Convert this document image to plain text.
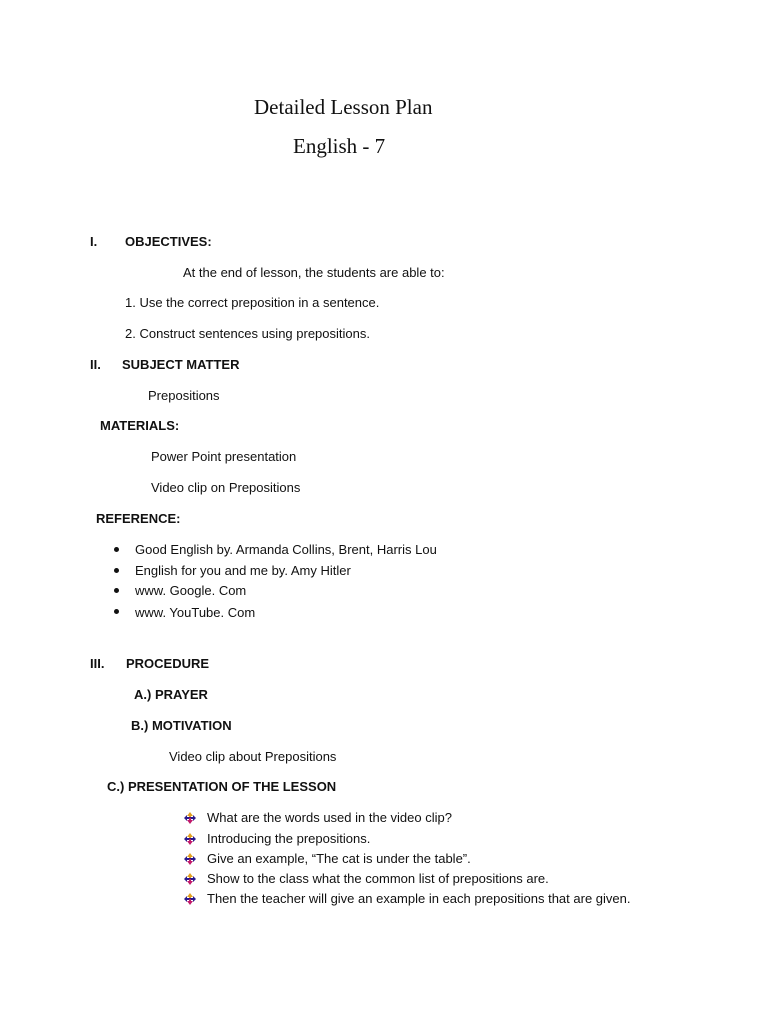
Detailed Lesson Plan
English - 7
I. OBJECTIVES:
At the end of lesson, the students are able to:
1. Use the correct preposition in a sentence.
2. Construct sentences using prepositions.
II. SUBJECT MATTER
Prepositions
MATERIALS:
Power Point presentation
Video clip on Prepositions
REFERENCE:
Good English by. Armanda Collins, Brent, Harris Lou
English for you and me by. Amy Hitler
www. Google. Com
www. YouTube. Com
III. PROCEDURE
A.) PRAYER
B.) MOTIVATION
Video clip about Prepositions
C.) PRESENTATION OF THE LESSON
What are the words used in the video clip?
Introducing the prepositions.
Give an example, “The cat is under the table”.
Show to the class what the common list of prepositions are.
Then the teacher will give an example in each prepositions that are given.
